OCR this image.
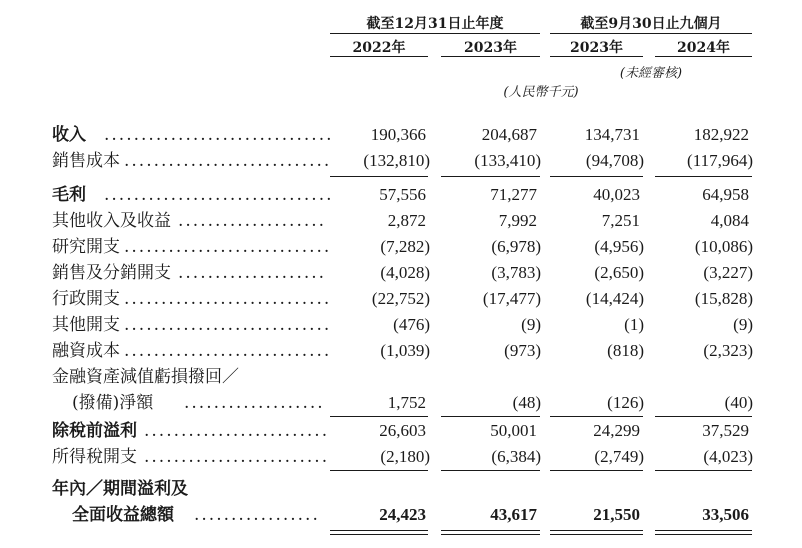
截至12月31日止年度	截至9月30日止九個月
2022年	2023年	2023年	2024年
(未經審核)
(人民幣千元)
收入 ...............................	190,366	204,687	134,731	182,922
銷售成本 ............................	(132,810)	(133,410)	(94,708)	(117,964)
毛利 ...............................	57,556	71,277	40,023	64,958
其他收入及收益 ....................	2,872	7,992	7,251	4,084
研究開支 ............................	(7,282)	(6,978)	(4,956)	(10,086)
銷售及分銷開支 ....................	(4,028)	(3,783)	(2,650)	(3,227)
行政開支 ............................	(22,752)	(17,477)	(14,424)	(15,828)
其他開支 ............................	(476)	(9)	(1)	(9)
融資成本 ............................	(1,039)	(973)	(818)	(2,323)
金融資產減值虧損撥回／
(撥備)淨額 ...................	1,752	(48)	(126)	(40)
除稅前溢利 .........................	26,603	50,001	24,299	37,529
所得稅開支 .........................	(2,180)	(6,384)	(2,749)	(4,023)
年內／期間溢利及
全面收益總額 .................	24,423	43,617	21,550	33,506
